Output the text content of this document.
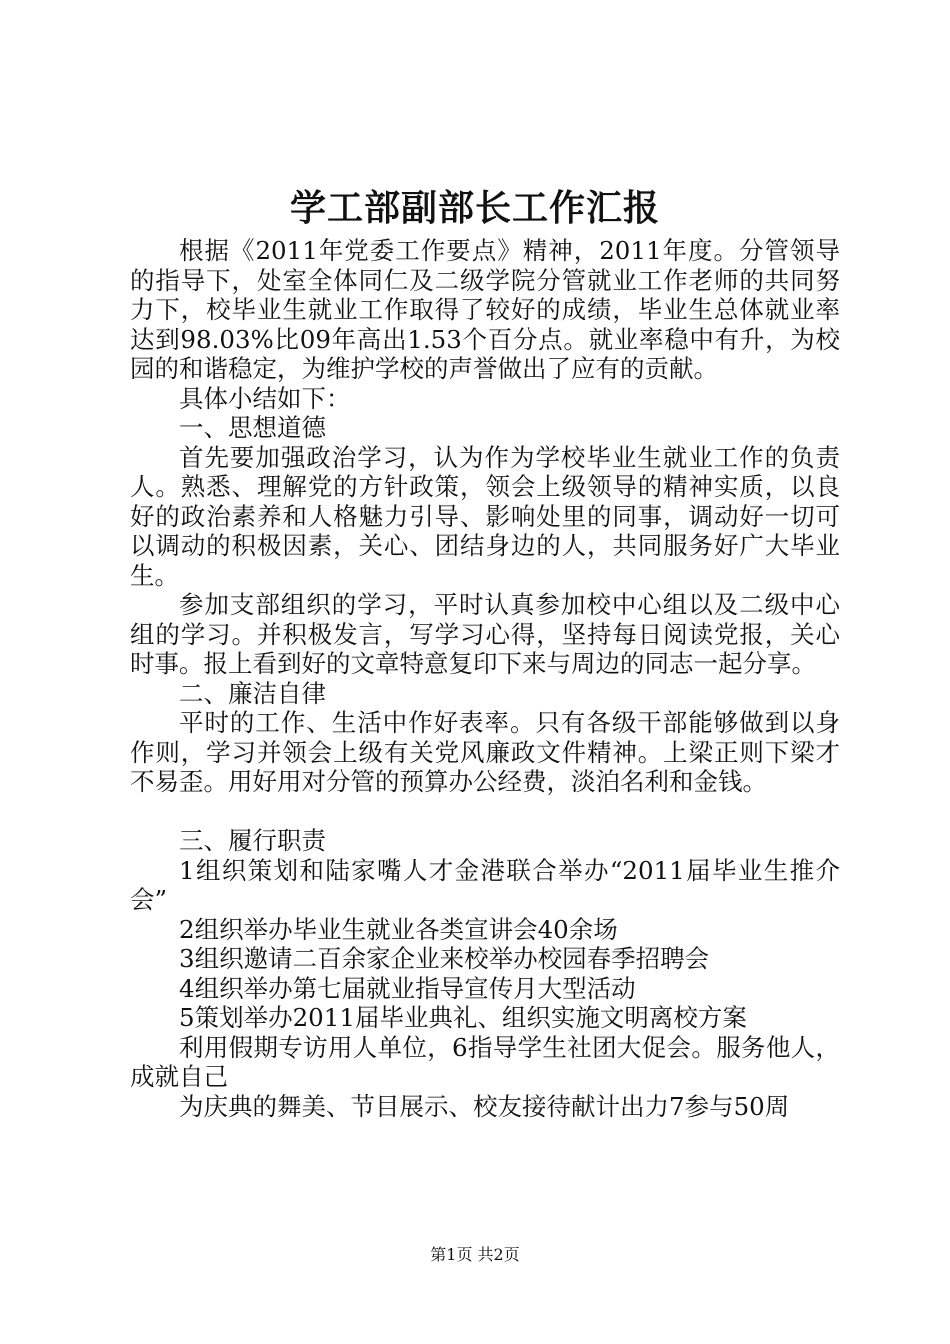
学工部副部长工作汇报

根据《2011年党委工作要点》精神，2011年度。分管领导的指导下，处室全体同仁及二级学院分管就业工作老师的共同努力下，校毕业生就业工作取得了较好的成绩，毕业生总体就业率达到98.03%比09年高出1.53个百分点。就业率稳中有升，为校园的和谐稳定，为维护学校的声誉做出了应有的贡献。

具体小结如下：

一、思想道德

首先要加强政治学习，认为作为学校毕业生就业工作的负责人。熟悉、理解党的方针政策，领会上级领导的精神实质，以良好的政治素养和人格魅力引导、影响处里的同事，调动好一切可以调动的积极因素，关心、团结身边的人，共同服务好广大毕业生。

参加支部组织的学习，平时认真参加校中心组以及二级中心组的学习。并积极发言，写学习心得，坚持每日阅读党报，关心时事。报上看到好的文章特意复印下来与周边的同志一起分享。

二、廉洁自律

平时的工作、生活中作好表率。只有各级干部能够做到以身作则，学习并领会上级有关党风廉政文件精神。上梁正则下梁才不易歪。用好用对分管的预算办公经费，淡泊名利和金钱。

三、履行职责

1组织策划和陆家嘴人才金港联合举办“2011届毕业生推介会”

2组织举办毕业生就业各类宣讲会40余场

3组织邀请二百余家企业来校举办校园春季招聘会

4组织举办第七届就业指导宣传月大型活动

5策划举办2011届毕业典礼、组织实施文明离校方案

利用假期专访用人单位，6指导学生社团大促会。服务他人，成就自己

为庆典的舞美、节目展示、校友接待献计出力7参与50周

第1页 共2页
